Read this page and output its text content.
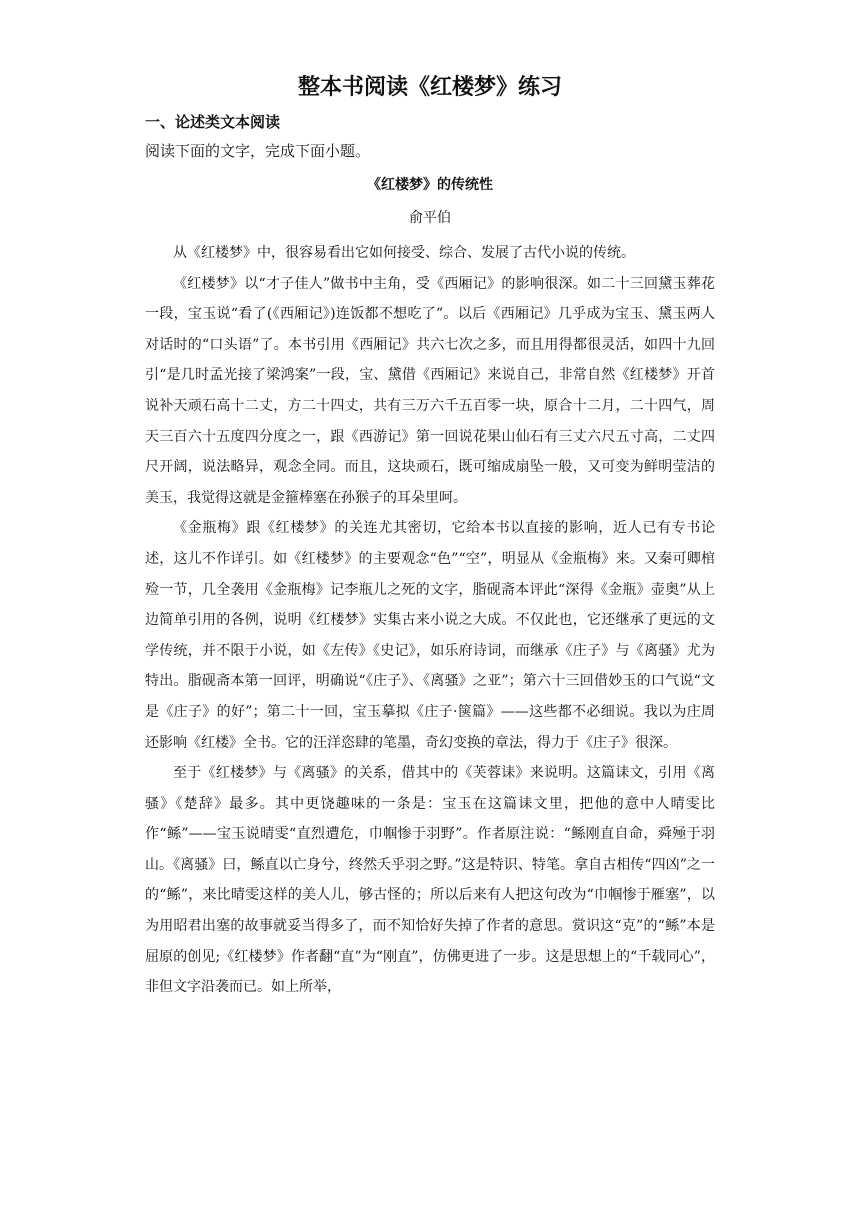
整本书阅读《红楼梦》练习
一、论述类文本阅读
阅读下面的文字，完成下面小题。
《红楼梦》的传统性
俞平伯

从《红楼梦》中，很容易看出它如何接受、综合、发展了古代小说的传统。

《红楼梦》以“才子佳人”做书中主角，受《西厢记》的影响很深。如二十三回黛玉葬花一段，宝玉说“看了(《西厢记》)连饭都不想吃了”。以后《西厢记》几乎成为宝玉、黛玉两人对话时的“口头语”了。本书引用《西厢记》共六七次之多，而且用得都很灵活，如四十九回引“是几时孟光接了梁鸿案”一段，宝、黛借《西厢记》来说自己，非常自然《红楼梦》开首说补天顽石高十二丈，方二十四丈，共有三万六千五百零一块，原合十二月，二十四气，周天三百六十五度四分度之一，跟《西游记》第一回说花果山仙石有三丈六尺五寸高，二丈四尺开阔，说法略异，观念全同。而且，这块顽石，既可缩成扇坠一般，又可变为鲜明莹洁的美玉，我觉得这就是金箍棒塞在孙猴子的耳朵里呵。

《金瓶梅》跟《红楼梦》的关连尤其密切，它给本书以直接的影响，近人已有专书论述，这儿不作详引。如《红楼梦》的主要观念“色”“空”，明显从《金瓶梅》来。又秦可卿棺殓一节，几全袭用《金瓶梅》记李瓶儿之死的文字，脂砚斋本评此“深得《金瓶》壶奥”从上边简单引用的各例，说明《红楼梦》实集古来小说之大成。不仅此也，它还继承了更远的文学传统，并不限于小说，如《左传》《史记》，如乐府诗词，而继承《庄子》与《离骚》尤为特出。脂砚斋本第一回评，明确说“《庄子》、《离骚》之亚”；第六十三回借妙玉的口气说“文是《庄子》的好”；第二十一回，宝玉摹拟《庄子·箧篇》——这些都不必细说。我以为庄周还影响《红楼》全书。它的汪洋恣肆的笔墨，奇幻变换的章法，得力于《庄子》很深。

至于《红楼梦》与《离骚》的关系，借其中的《芙蓉诔》来说明。这篇诔文，引用《离骚》《楚辞》最多。其中更饶趣味的一条是：宝玉在这篇诔文里，把他的意中人晴雯比作“鲧”——宝玉说晴雯“直烈遭危，巾帼惨于羽野”。作者原注说：“鲧刚直自命，舜殛于羽山。《离骚》曰，鲧直以亡身兮，终然夭乎羽之野。”这是特识、特笔。拿自古相传“四凶”之一的“鲧”，来比晴雯这样的美人儿，够古怪的；所以后来有人把这句改为“巾帼惨于雁塞”，以为用昭君出塞的故事就妥当得多了，而不知恰好失掉了作者的意思。赏识这“克”的“鲧”本是屈原的创见;《红楼梦》作者翻“直”为“刚直”，仿佛更进了一步。这是思想上的“千载同心”，非但文字沿袭而已。如上所举，
